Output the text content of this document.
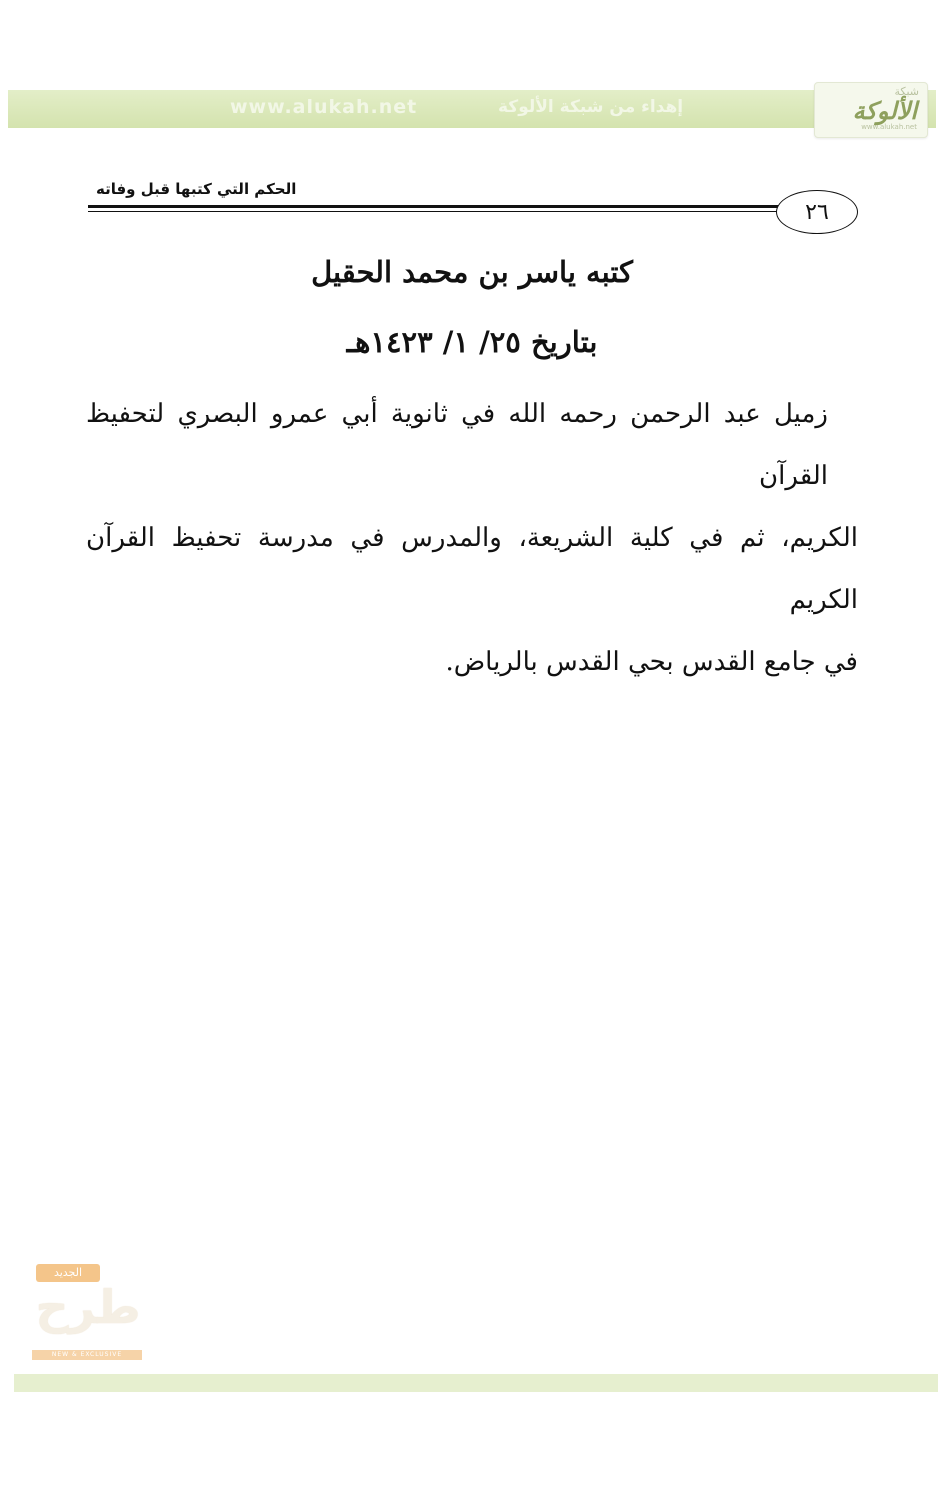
www.alukah.net	إهداء من شبكة الألوكة
شبكة
الألوكة
www.alukah.net
الحكم التي كتبها قبل وفاته
٢٦
كتبه ياسر بن محمد الحقيل
بتاريخ ٢٥/ ١/ ١٤٢٣هـ

زميل عبد الرحمن رحمه الله في ثانوية أبي عمرو البصري لتحفيظ القرآن
الكريم، ثم في كلية الشريعة، والمدرس في مدرسة تحفيظ القرآن الكريم
في جامع القدس بحي القدس بالرياض.

الجديد
طرح
NEW & EXCLUSIVE
